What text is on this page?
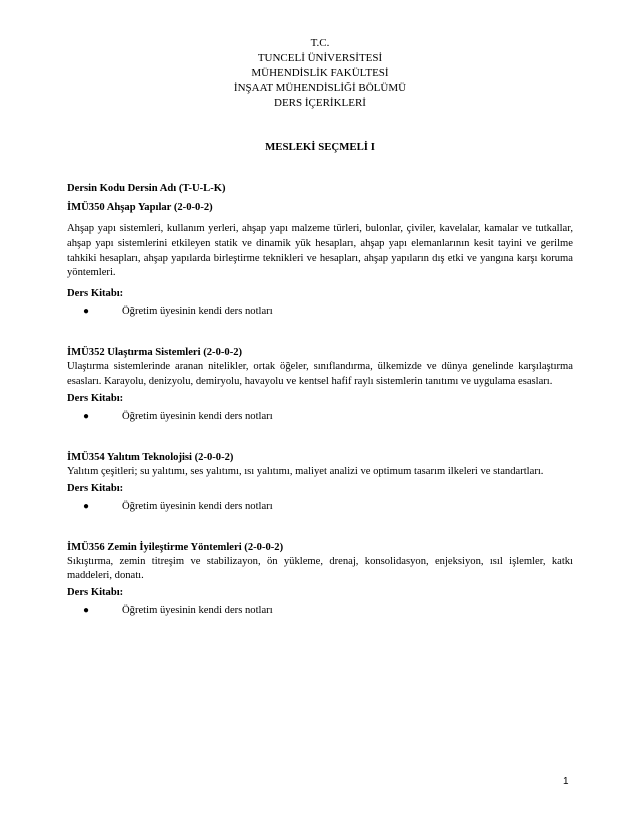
T.C.
TUNCELİ ÜNİVERSİTESİ
MÜHENDİSLİK FAKÜLTESİ
İNŞAAT MÜHENDİSLİĞİ BÖLÜMÜ
DERS İÇERİKLERİ
MESLEKİ SEÇMELİ I
Dersin Kodu Dersin Adı (T-U-L-K)
İMÜ350 Ahşap Yapılar (2-0-0-2)
Ahşap yapı sistemleri, kullanım yerleri, ahşap yapı malzeme türleri, bulonlar, çiviler, kavelalar, kamalar ve tutkallar, ahşap yapı sistemlerini etkileyen statik ve dinamik yük hesapları, ahşap yapı elemanlarının kesit tayini ve gerilme tahkiki hesapları, ahşap yapılarda birleştirme teknikleri ve hesapları, ahşap yapıların dış etki ve yangına karşı koruma yöntemleri.
Ders Kitabı:
●	Öğretim üyesinin kendi ders notları
İMÜ352 Ulaştırma Sistemleri (2-0-0-2)
Ulaştırma sistemlerinde aranan nitelikler, ortak öğeler, sınıflandırma, ülkemizde ve dünya genelinde karşılaştırma esasları. Karayolu, denizyolu, demiryolu, havayolu ve kentsel hafif raylı sistemlerin tanıtımı ve uygulama esasları.
Ders Kitabı:
●	Öğretim üyesinin kendi ders notları
İMÜ354 Yalıtım Teknolojisi (2-0-0-2)
Yalıtım çeşitleri; su yalıtımı, ses yalıtımı, ısı yalıtımı, maliyet analizi ve optimum tasarım ilkeleri ve standartları.
Ders Kitabı:
●	Öğretim üyesinin kendi ders notları
İMÜ356 Zemin İyileştirme Yöntemleri (2-0-0-2)
Sıkıştırma, zemin titreşim ve stabilizayon, ön yükleme, drenaj, konsolidasyon, enjeksiyon, ısıl işlemler, katkı maddeleri, donatı.
Ders Kitabı:
●	Öğretim üyesinin kendi ders notları
1
